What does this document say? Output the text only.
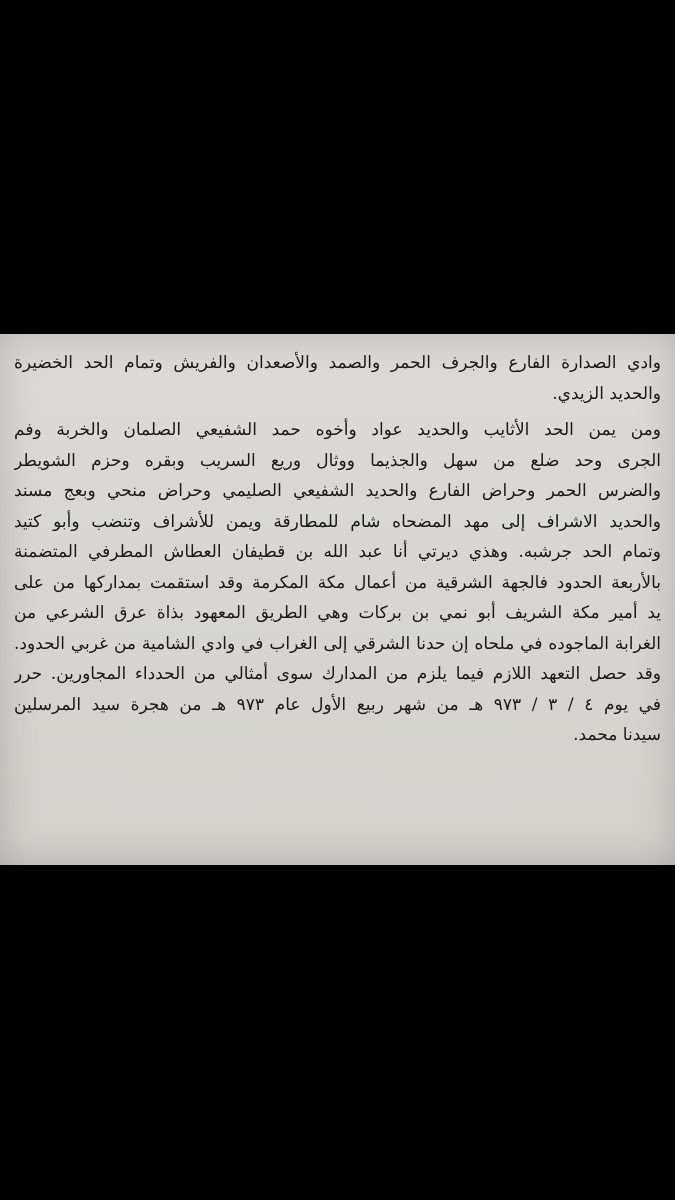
وادي الصدارة الفارع والجرف الحمر والصمد والأصعدان والفريش وتمام الحد الخضيرة
والحديد الزيدي.
ومن يمن الحد الأثايب والحديد عواد وأخوه حمد الشفيعي الصلمان والخربة وفم
الجرى وحد ضلع من سهل والجذيما ووثال وريع السريب وبقره وحزم الشويطر
والضرس الحمر وحراض الفارع والحديد الشفيعي الصليمي وحراض منحي وبعج مسند
والحديد الاشراف إلى مهد المضحاه شام للمطارقة ويمن للأشراف وتنضب وأبو كتيد
وتمام الحد جرشبه. وهذي ديرتي أنا عبد الله بن قطيفان العطاش المطرفي المتضمنة
بالأربعة الحدود فالجهة الشرقية من أعمال مكة المكرمة وقد استقمت بمداركها من على
يد أمير مكة الشريف أبو نمي بن بركات وهي الطريق المعهود بذاة عرق الشرعي من
الغرابة الماجوده في ملحاه إن حدنا الشرقي إلى الغراب في وادي الشامية من غربي الحدود.
وقد حصل التعهد اللازم فيما يلزم من المدارك سوى أمثالي من الحدداء المجاورين. حرر
في يوم ٤ / ٣ / ٩٧٣ هـ من شهر ربيع الأول عام ٩٧٣ هـ من هجرة سيد المرسلين
سيدنا محمد.
